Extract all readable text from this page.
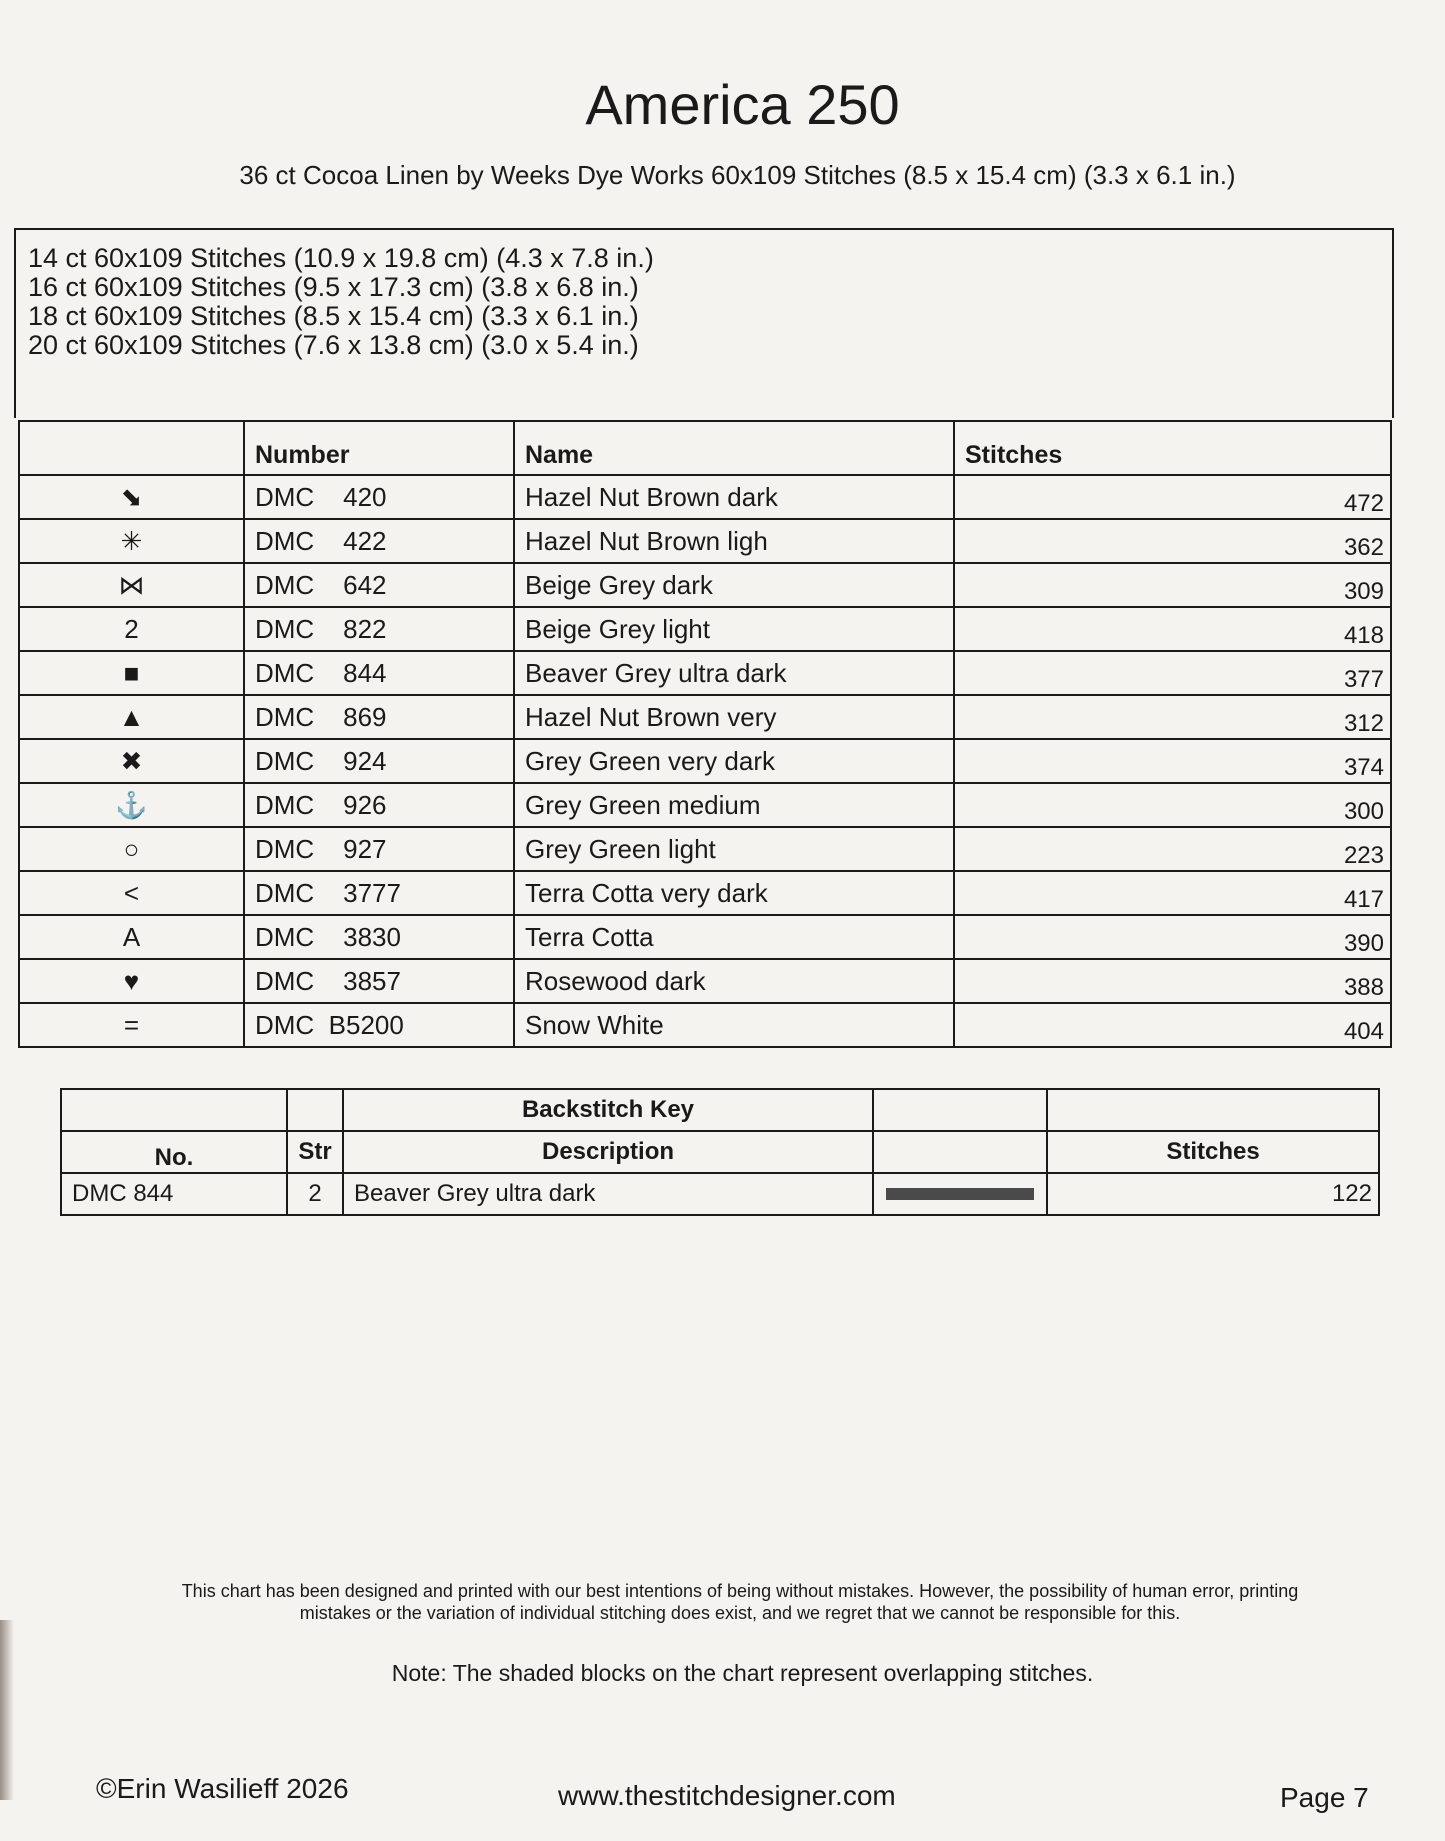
America 250
36 ct Cocoa Linen by Weeks Dye Works 60x109 Stitches (8.5 x 15.4 cm) (3.3 x 6.1 in.)
14 ct 60x109 Stitches (10.9 x 19.8 cm) (4.3 x 7.8 in.)
16 ct 60x109 Stitches (9.5 x 17.3 cm) (3.8 x 6.8 in.)
18 ct 60x109 Stitches (8.5 x 15.4 cm) (3.3 x 6.1 in.)
20 ct 60x109 Stitches (7.6 x 13.8 cm) (3.0 x 5.4 in.)
	Number	Name	Stitches
⬊	DMC    420	Hazel Nut Brown dark	472
✳	DMC    422	Hazel Nut Brown ligh	362
⋈	DMC    642	Beige Grey dark	309
2	DMC    822	Beige Grey light	418
■	DMC    844	Beaver Grey ultra dark	377
▲	DMC    869	Hazel Nut Brown very	312
✖	DMC    924	Grey Green very dark	374
⚓	DMC    926	Grey Green medium	300
○	DMC    927	Grey Green light	223
<	DMC    3777	Terra Cotta very dark	417
A	DMC    3830	Terra Cotta	390
♥	DMC    3857	Rosewood dark	388
=	DMC  B5200	Snow White	404
		Backstitch Key		
No.	Str	Description		Stitches
DMC 844	2	Beaver Grey ultra dark		122
This chart has been designed and printed with our best intentions of being without mistakes. However, the possibility of human error, printing
mistakes or the variation of individual stitching does exist, and we regret that we cannot be responsible for this.
Note: The shaded blocks on the chart represent overlapping stitches.
©Erin Wasilieff 2026	www.thestitchdesigner.com	Page 7
